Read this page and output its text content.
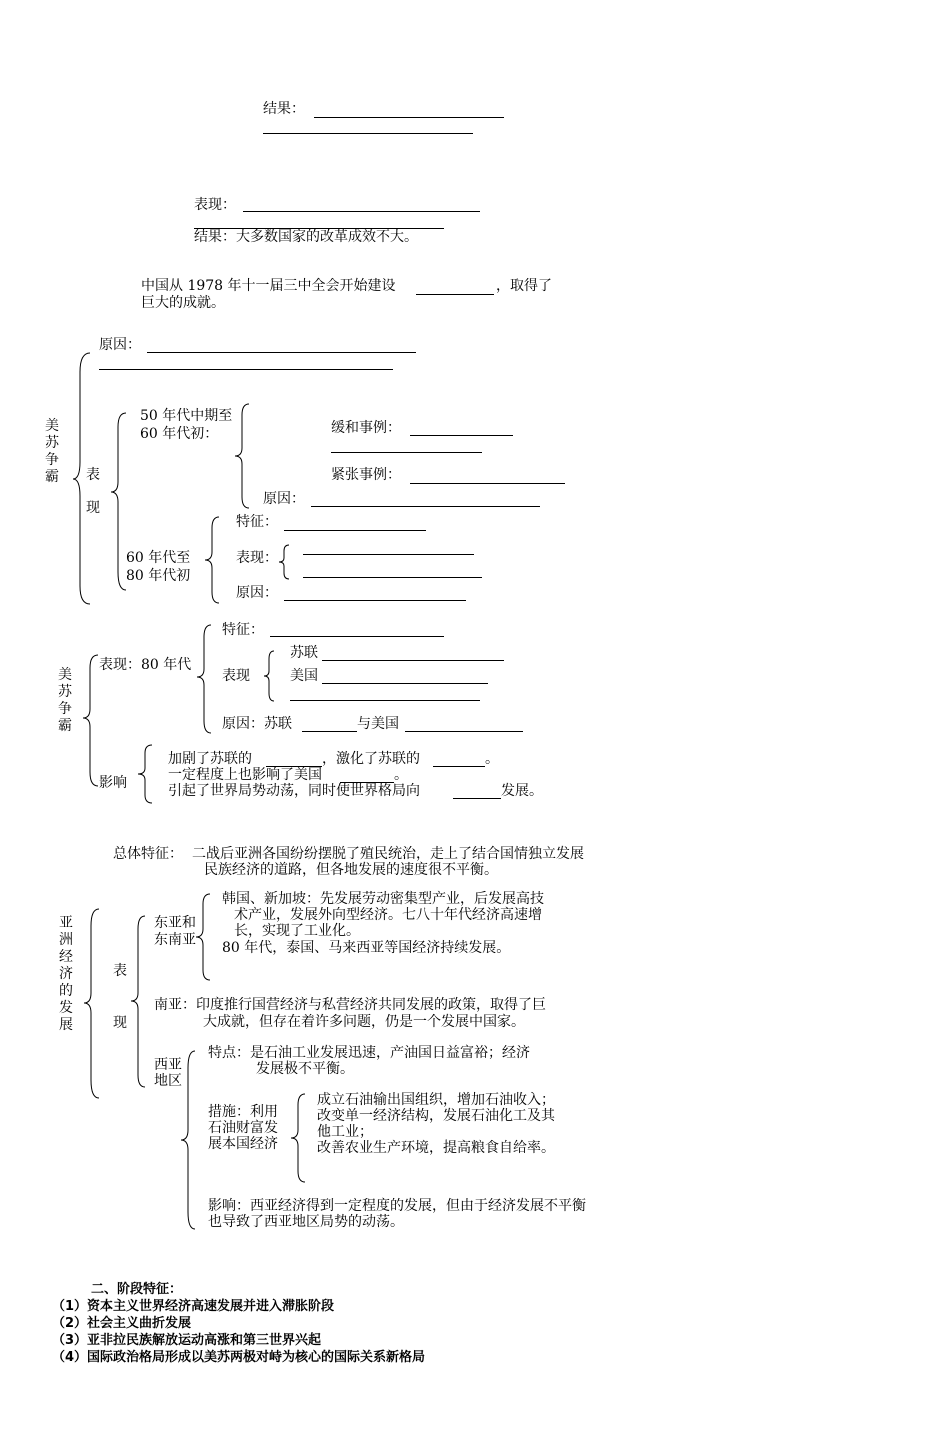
结果：
表现：
结果：大多数国家的改革成效不大。
中国从 1978 年十一届三中全会开始建设	，取得了
巨大的成就。
美苏争霸
原因：
表
现
50 年代中期至
60 年代初：	缓和事例：
紧张事例：
原因：
60 年代至
80 年代初
特征：
表现：
原因：
美苏争霸
表现：80 年代
特征：
表现
苏联
美国
原因：苏联	与美国
影响
加剧了苏联的	，激化了苏联的	。
一定程度上也影响了美国	。
引起了世界局势动荡，同时使世界格局向	发展。
总体特征： 二战后亚洲各国纷纷摆脱了殖民统治，走上了结合国情独立发展
民族经济的道路，但各地发展的速度很不平衡。
亚洲经济的发展
表
现
东亚和
东南亚
韩国、新加坡：先发展劳动密集型产业，后发展高技
术产业，发展外向型经济。七八十年代经济高速增
长，实现了工业化。
80 年代，泰国、马来西亚等国经济持续发展。
南亚：印度推行国营经济与私营经济共同发展的政策，取得了巨
大成就，但存在着许多问题，仍是一个发展中国家。
西亚
地区
特点：是石油工业发展迅速，产油国日益富裕；经济
发展极不平衡。
措施：利用
石油财富发
展本国经济
成立石油输出国组织，增加石油收入；
改变单一经济结构，发展石油化工及其
他工业；
改善农业生产环境，提高粮食自给率。
影响：西亚经济得到一定程度的发展，但由于经济发展不平衡
也导致了西亚地区局势的动荡。
二、阶段特征：
（1）资本主义世界经济高速发展并进入滞胀阶段
（2）社会主义曲折发展
（3）亚非拉民族解放运动高涨和第三世界兴起
（4）国际政治格局形成以美苏两极对峙为核心的国际关系新格局
